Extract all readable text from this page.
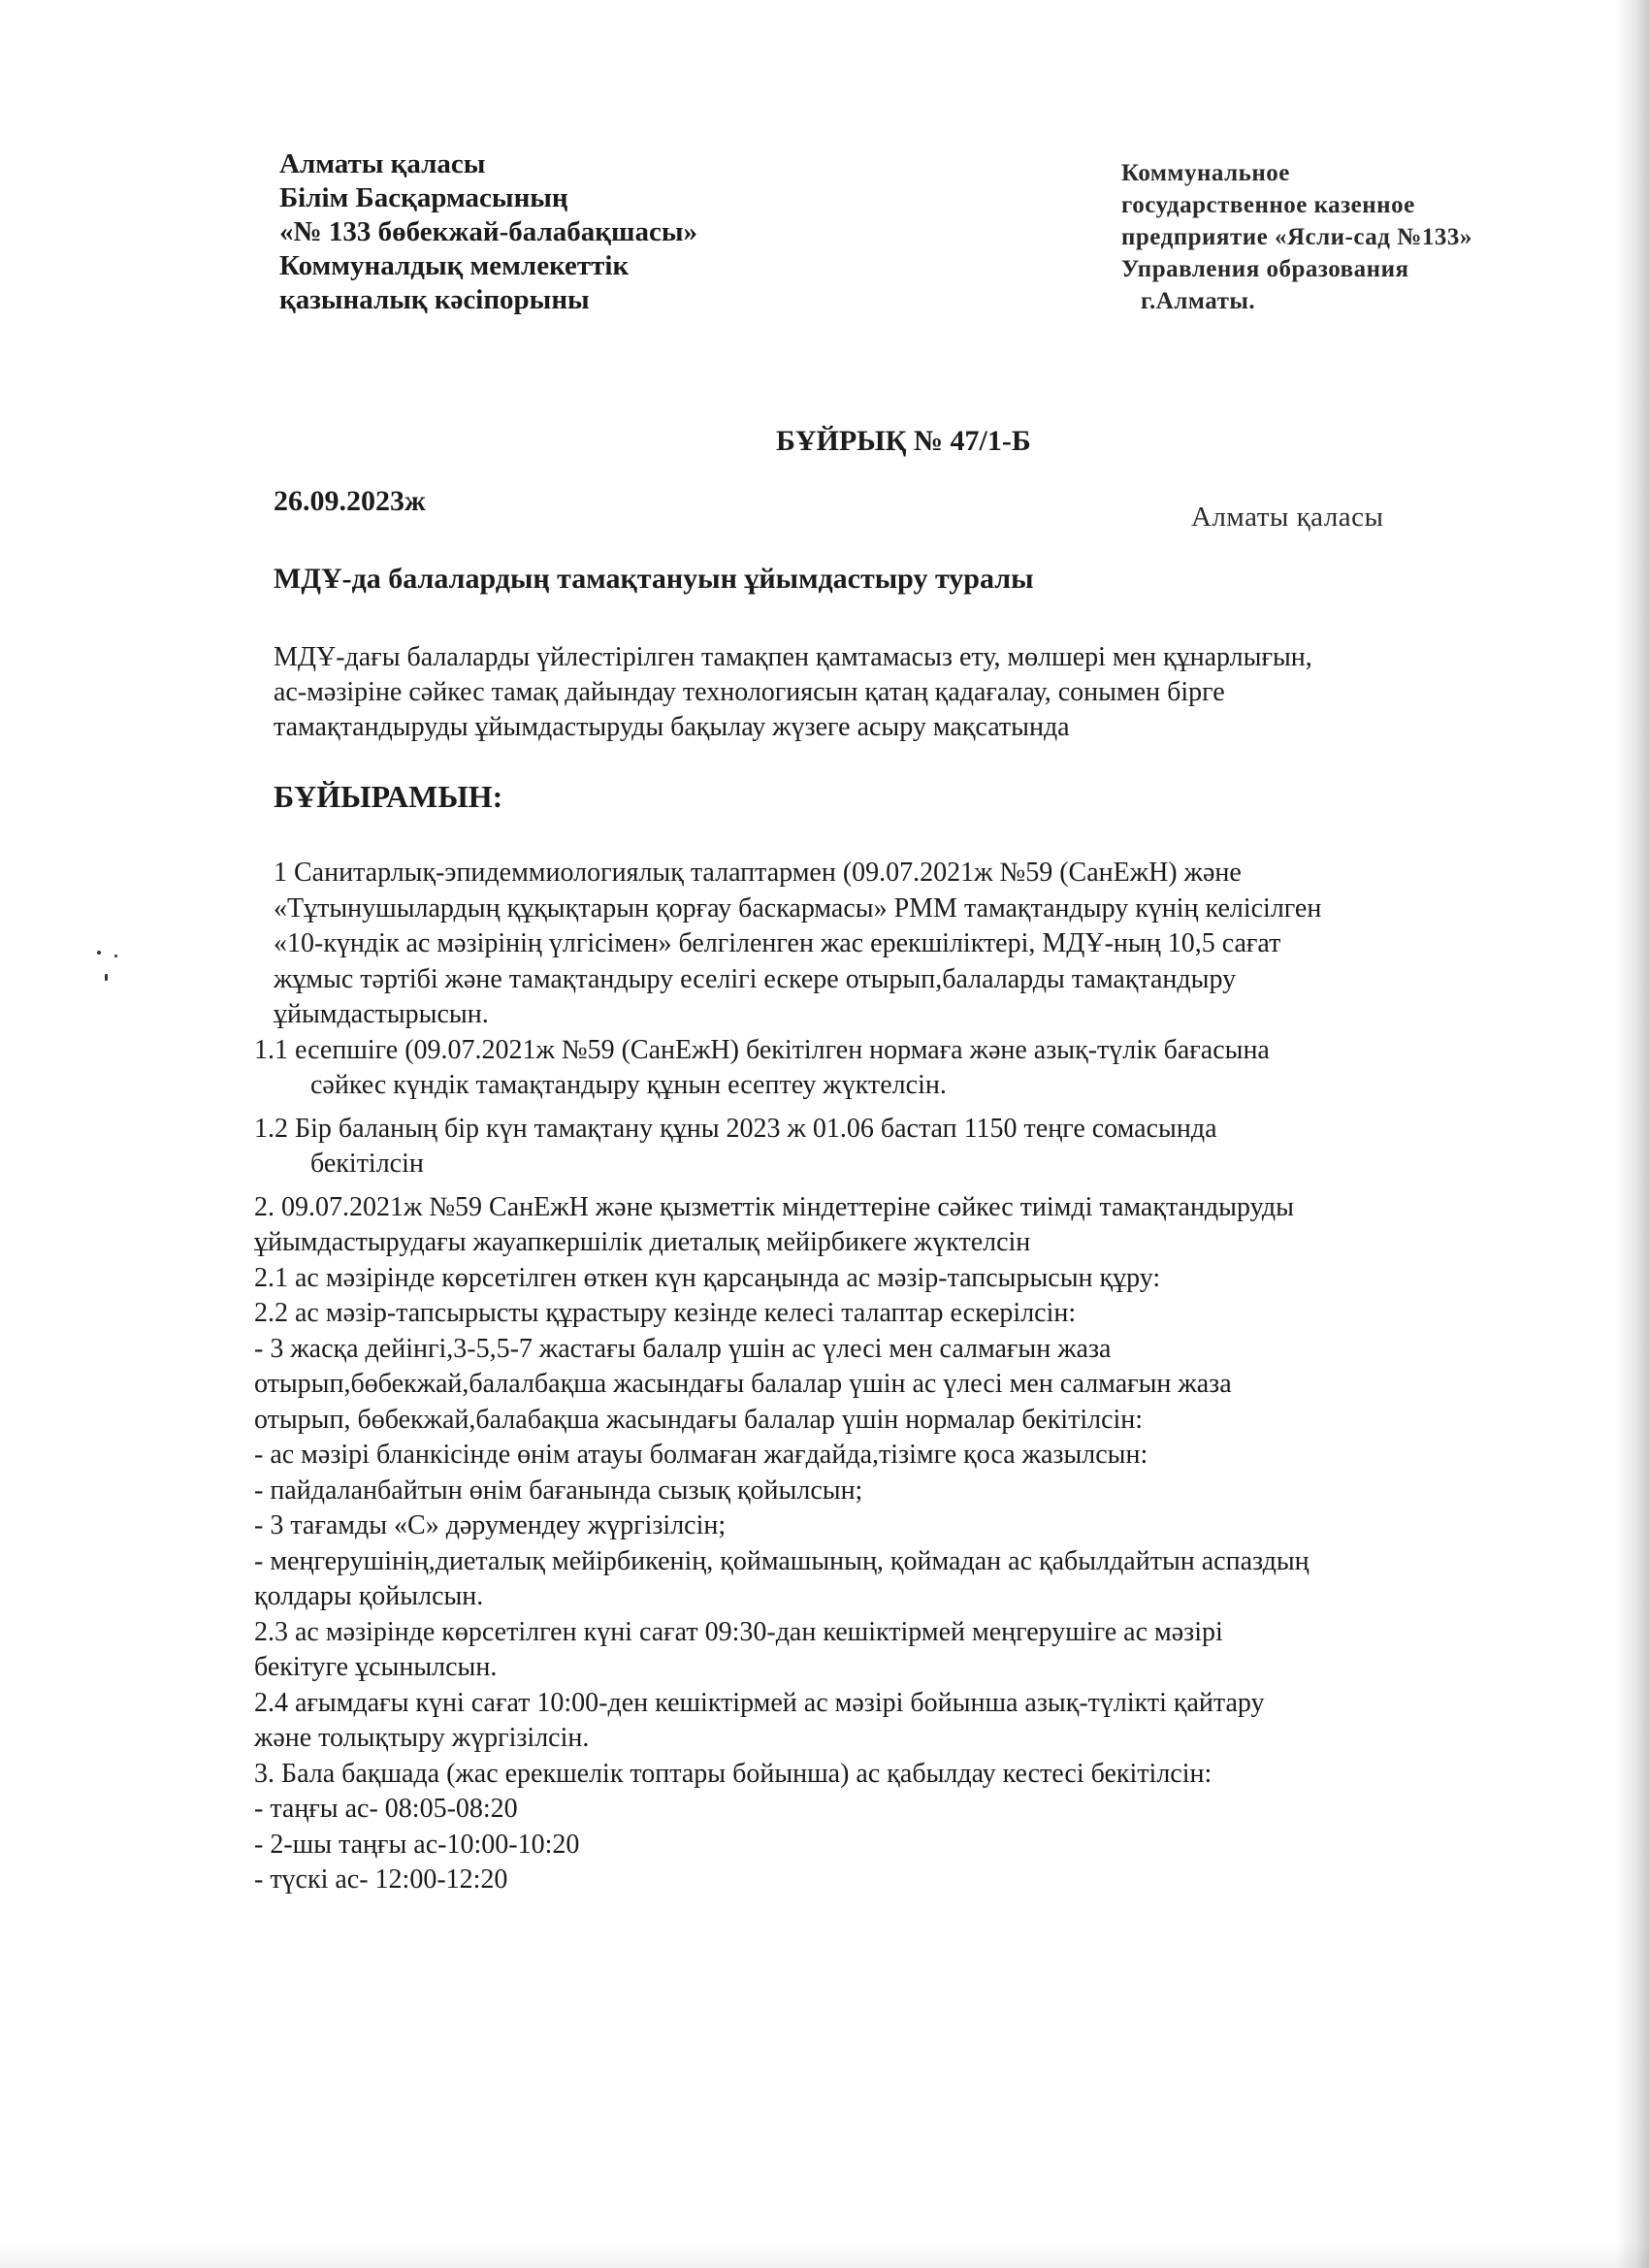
Алматы қаласы
Білім Басқармасының
«№ 133 бөбекжай-балабақшасы»
Коммуналдық мемлекеттік
қазыналық кәсіпорыны
Коммунальное
государственное казенное
предприятие «Ясли-сад №133»
Управления образования
г.Алматы.
БҰЙРЫҚ № 47/1-Б
26.09.2023ж	Алматы қаласы
МДҰ-да балалардың тамақтануын ұйымдастыру туралы
МДҰ-дағы балаларды үйлестірілген тамақпен қамтамасыз ету, мөлшері мен құнарлығын,
ас-мәзіріне сәйкес тамақ дайындау технологиясын қатаң қадағалау, сонымен бірге
тамақтандыруды ұйымдастыруды бақылау жүзеге асыру мақсатында
БҰЙЫРАМЫН:
1 Санитарлық-эпидеммиологиялық талаптармен (09.07.2021ж №59 (СанЕжН) және
«Тұтынушылардың құқықтарын қорғау баскармасы» РММ тамақтандыру күнің келісілген
«10-күндік ас мәзірінің үлгісімен» белгіленген жас ерекшіліктері, МДҰ-ның 10,5 сағат
жұмыс тәртібі және тамақтандыру еселігі ескере отырып,балаларды тамақтандыру
ұйымдастырысын.
1.1 есепшіге (09.07.2021ж №59 (СанЕжН) бекітілген нормаға және азық-түлік бағасына
сәйкес күндік тамақтандыру құнын есептеу жүктелсін.
1.2 Бір баланың бір күн тамақтану құны 2023 ж 01.06 бастап 1150 теңге сомасында
бекітілсін
2. 09.07.2021ж №59 СанЕжН және қызметтік міндеттеріне сәйкес тиімді тамақтандыруды
ұйымдастырудағы жауапкершілік диеталық мейірбикеге жүктелсін
2.1 ас мәзірінде көрсетілген өткен күн қарсаңында ас мәзір-тапсырысын құру:
2.2 ас мәзір-тапсырысты құрастыру кезінде келесі талаптар ескерілсін:
- 3 жасқа дейінгі,3-5,5-7 жастағы балалр үшін ас үлесі мен салмағын жаза
отырып,бөбекжай,балалбақша жасындағы балалар үшін ас үлесі мен салмағын жаза
отырып, бөбекжай,балабақша жасындағы балалар үшін нормалар бекітілсін:
- ас мәзірі бланкісінде өнім атауы болмаған жағдайда,тізімге қоса жазылсын:
- пайдаланбайтын өнім бағанында сызық қойылсын;
- 3 тағамды «С» дәрумендеу жүргізілсін;
- меңгерушінің,диеталық мейірбикенің, қоймашының, қоймадан ас қабылдайтын аспаздың
қолдары қойылсын.
2.3 ас мәзірінде көрсетілген күні сағат 09:30-дан кешіктірмей меңгерушіге ас мәзірі
бекітуге ұсынылсын.
2.4 ағымдағы күні сағат 10:00-ден кешіктірмей ас мәзірі бойынша азық-түлікті қайтару
және толықтыру жүргізілсін.
3. Бала бақшада (жас ерекшелік топтары бойынша) ас қабылдау кестесі бекітілсін:
- таңғы ас- 08:05-08:20
- 2-шы таңғы ас-10:00-10:20
- түскі ас- 12:00-12:20
